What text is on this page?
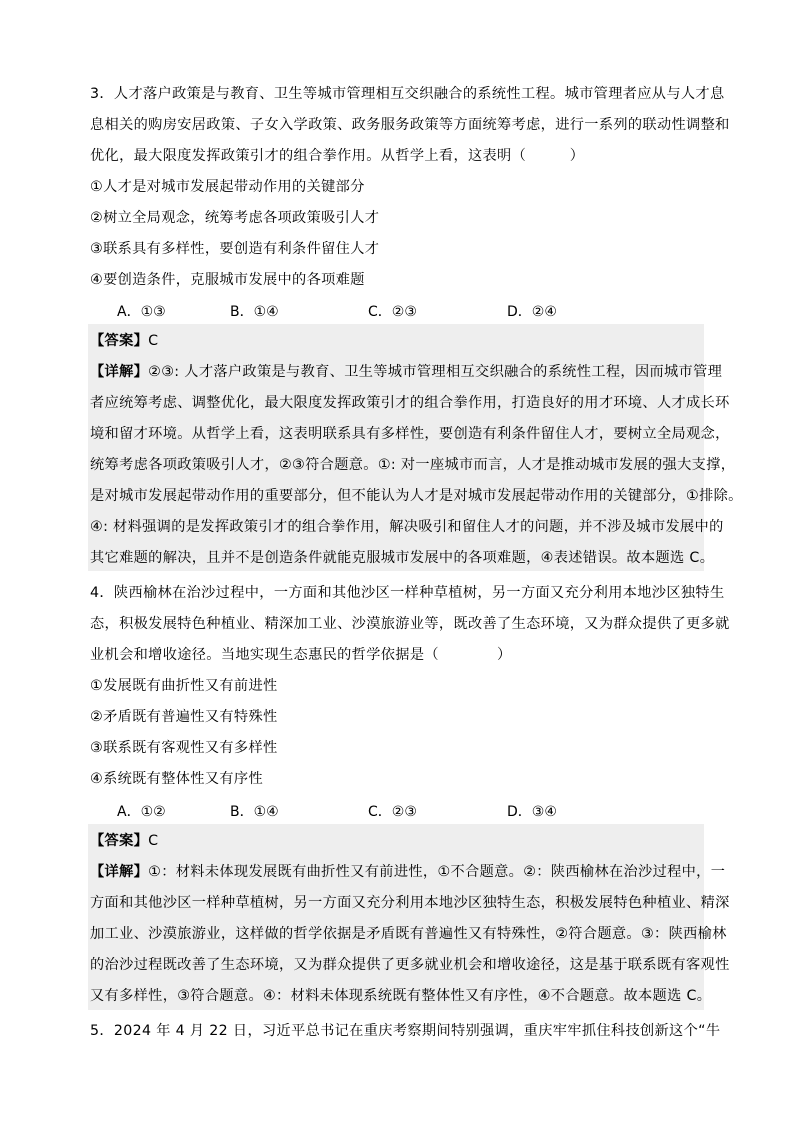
3．人才落户政策是与教育、卫生等城市管理相互交织融合的系统性工程。城市管理者应从与人才息
息相关的购房安居政策、子女入学政策、政务服务政策等方面统筹考虑，进行一系列的联动性调整和
优化，最大限度发挥政策引才的组合拳作用。从哲学上看，这表明（　　　）
①人才是对城市发展起带动作用的关键部分
②树立全局观念，统筹考虑各项政策吸引人才
③联系具有多样性，要创造有利条件留住人才
④要创造条件，克服城市发展中的各项难题
A．①③	B．①④	C．②③	D．②④
【答案】C
【详解】②③: 人才落户政策是与教育、卫生等城市管理相互交织融合的系统性工程，因而城市管理
者应统筹考虑、调整优化，最大限度发挥政策引才的组合拳作用，打造良好的用才环境、人才成长环
境和留才环境。从哲学上看，这表明联系具有多样性，要创造有利条件留住人才，要树立全局观念，
统筹考虑各项政策吸引人才，②③符合题意。①: 对一座城市而言，人才是推动城市发展的强大支撑，
是对城市发展起带动作用的重要部分，但不能认为人才是对城市发展起带动作用的关键部分，①排除。
④: 材料强调的是发挥政策引才的组合拳作用，解决吸引和留住人才的问题，并不涉及城市发展中的
其它难题的解决，且并不是创造条件就能克服城市发展中的各项难题，④表述错误。故本题选 C。
4．陕西榆林在治沙过程中，一方面和其他沙区一样种草植树，另一方面又充分利用本地沙区独特生
态，积极发展特色种植业、精深加工业、沙漠旅游业等，既改善了生态环境，又为群众提供了更多就
业机会和增收途径。当地实现生态惠民的哲学依据是（　　　　）
①发展既有曲折性又有前进性
②矛盾既有普遍性又有特殊性
③联系既有客观性又有多样性
④系统既有整体性又有序性
A．①②	B．①④	C．②③	D．③④
【答案】C
【详解】①：材料未体现发展既有曲折性又有前进性，①不合题意。②：陕西榆林在治沙过程中，一
方面和其他沙区一样种草植树，另一方面又充分利用本地沙区独特生态，积极发展特色种植业、精深
加工业、沙漠旅游业，这样做的哲学依据是矛盾既有普遍性又有特殊性，②符合题意。③：陕西榆林
的治沙过程既改善了生态环境，又为群众提供了更多就业机会和增收途径，这是基于联系既有客观性
又有多样性，③符合题意。④：材料未体现系统既有整体性又有序性，④不合题意。故本题选 C。
5．2024 年 4 月 22 日，习近平总书记在重庆考察期间特别强调，重庆牢牢抓住科技创新这个“牛
